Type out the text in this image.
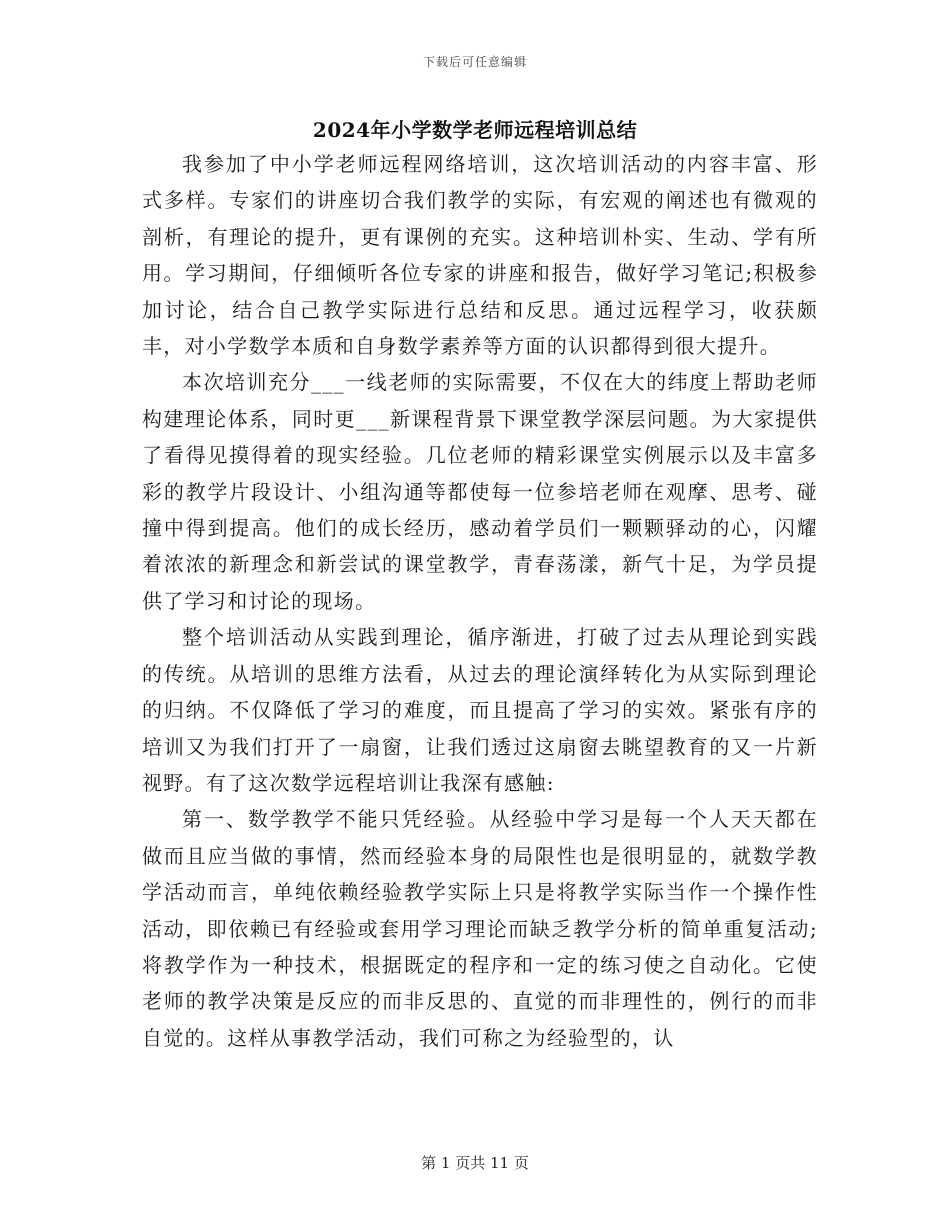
下载后可任意编辑
2024年小学数学老师远程培训总结

我参加了中小学老师远程网络培训，这次培训活动的内容丰富、形式多样。专家们的讲座切合我们教学的实际，有宏观的阐述也有微观的剖析，有理论的提升，更有课例的充实。这种培训朴实、生动、学有所用。学习期间，仔细倾听各位专家的讲座和报告，做好学习笔记;积极参加讨论，结合自己教学实际进行总结和反思。通过远程学习，收获颇丰，对小学数学本质和自身数学素养等方面的认识都得到很大提升。

本次培训充分___一线老师的实际需要，不仅在大的纬度上帮助老师构建理论体系，同时更___新课程背景下课堂教学深层问题。为大家提供了看得见摸得着的现实经验。几位老师的精彩课堂实例展示以及丰富多彩的教学片段设计、小组沟通等都使每一位参培老师在观摩、思考、碰撞中得到提高。他们的成长经历，感动着学员们一颗颗驿动的心，闪耀着浓浓的新理念和新尝试的课堂教学，青春荡漾，新气十足，为学员提供了学习和讨论的现场。

整个培训活动从实践到理论，循序渐进，打破了过去从理论到实践的传统。从培训的思维方法看，从过去的理论演绎转化为从实际到理论的归纳。不仅降低了学习的难度，而且提高了学习的实效。紧张有序的培训又为我们打开了一扇窗，让我们透过这扇窗去眺望教育的又一片新视野。有了这次数学远程培训让我深有感触:

第一、数学教学不能只凭经验。从经验中学习是每一个人天天都在做而且应当做的事情，然而经验本身的局限性也是很明显的，就数学教学活动而言，单纯依赖经验教学实际上只是将教学实际当作一个操作性活动，即依赖已有经验或套用学习理论而缺乏教学分析的简单重复活动;将教学作为一种技术，根据既定的程序和一定的练习使之自动化。它使老师的教学决策是反应的而非反思的、直觉的而非理性的，例行的而非自觉的。这样从事教学活动，我们可称之为经验型的，认

第 1 页共 11 页
